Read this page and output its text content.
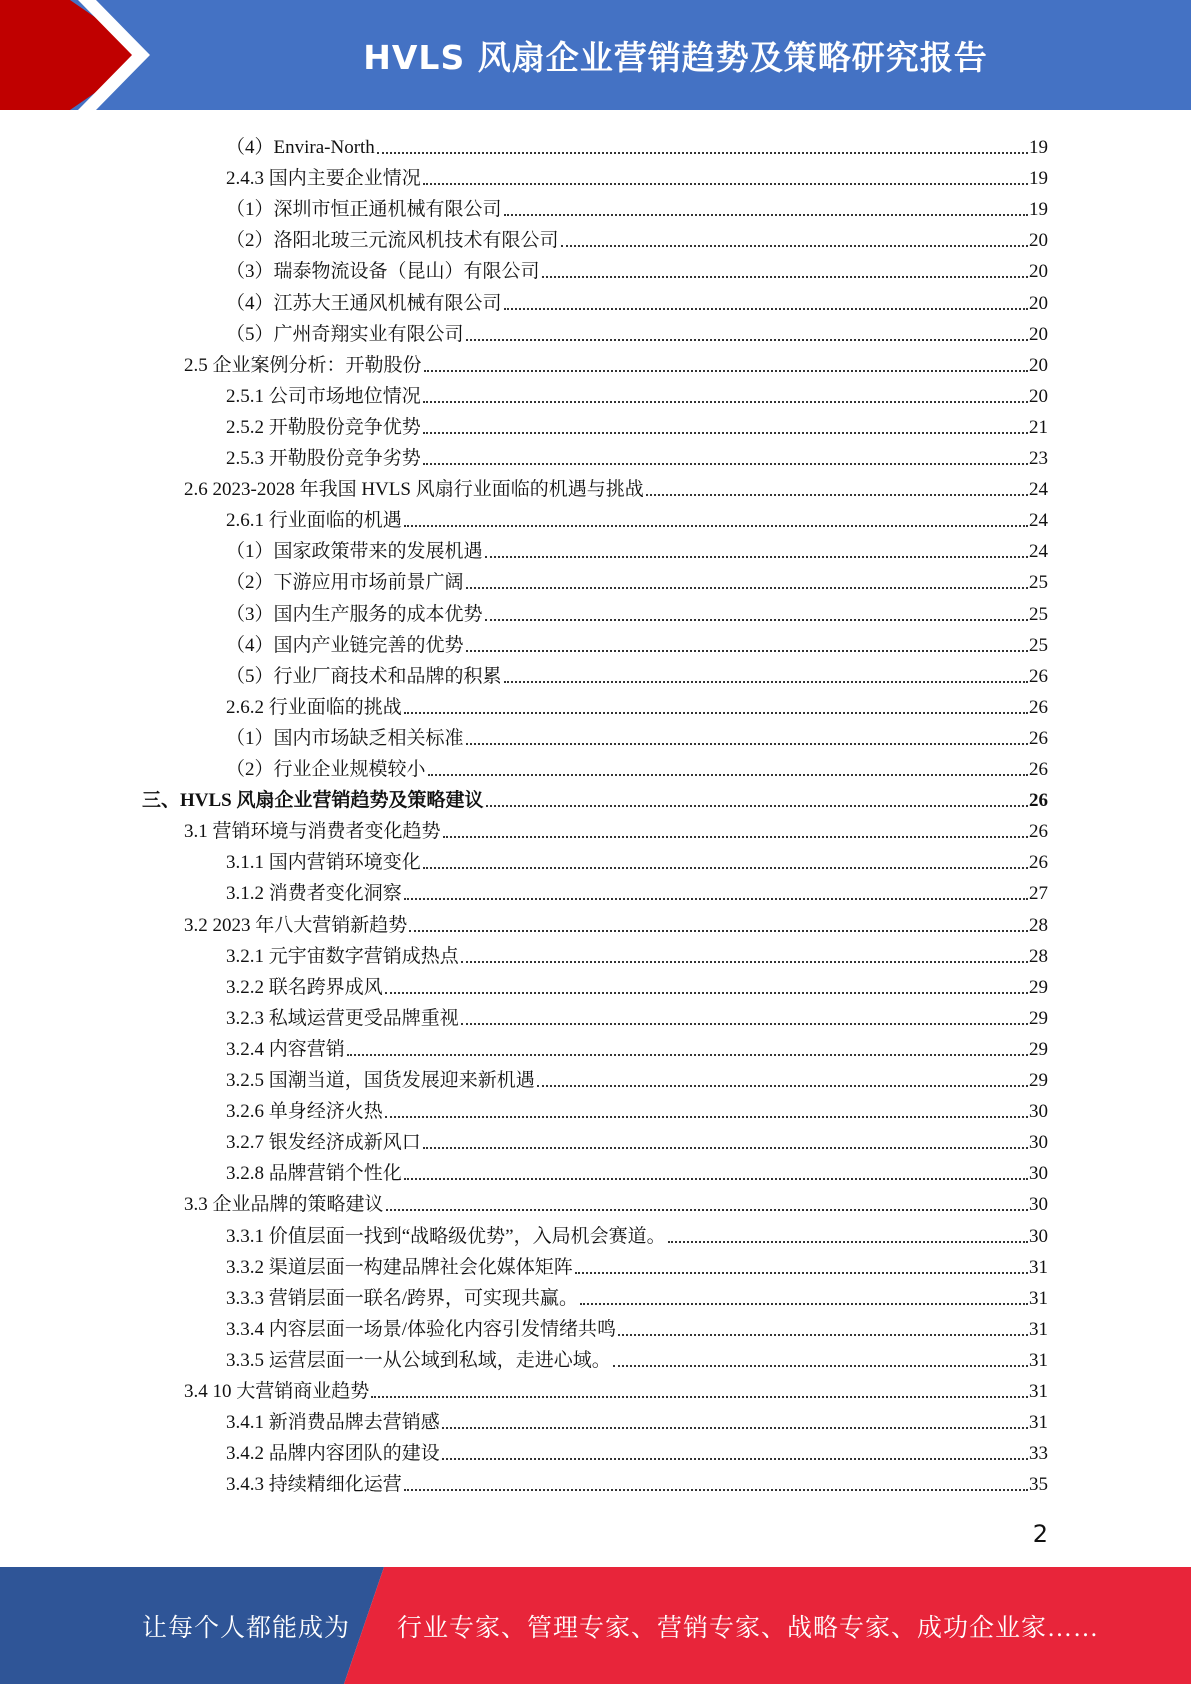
HVLS 风扇企业营销趋势及策略研究报告
（4）Envira-North	19
2.4.3 国内主要企业情况	19
（1）深圳市恒正通机械有限公司	19
（2）洛阳北玻三元流风机技术有限公司	20
（3）瑞泰物流设备（昆山）有限公司	20
（4）江苏大王通风机械有限公司	20
（5）广州奇翔实业有限公司	20
2.5 企业案例分析：开勒股份	20
2.5.1 公司市场地位情况	20
2.5.2 开勒股份竞争优势	21
2.5.3 开勒股份竞争劣势	23
2.6 2023-2028 年我国 HVLS 风扇行业面临的机遇与挑战	24
2.6.1 行业面临的机遇	24
（1）国家政策带来的发展机遇	24
（2）下游应用市场前景广阔	25
（3）国内生产服务的成本优势	25
（4）国内产业链完善的优势	25
（5）行业厂商技术和品牌的积累	26
2.6.2 行业面临的挑战	26
（1）国内市场缺乏相关标准	26
（2）行业企业规模较小	26
三、HVLS 风扇企业营销趋势及策略建议	26
3.1 营销环境与消费者变化趋势	26
3.1.1 国内营销环境变化	26
3.1.2 消费者变化洞察	27
3.2 2023 年八大营销新趋势	28
3.2.1 元宇宙数字营销成热点	28
3.2.2 联名跨界成风	29
3.2.3 私域运营更受品牌重视	29
3.2.4 内容营销	29
3.2.5 国潮当道，国货发展迎来新机遇	29
3.2.6 单身经济火热	30
3.2.7 银发经济成新风口	30
3.2.8 品牌营销个性化	30
3.3 企业品牌的策略建议	30
3.3.1 价值层面一找到“战略级优势”，入局机会赛道。	30
3.3.2 渠道层面一构建品牌社会化媒体矩阵	31
3.3.3 营销层面一联名/跨界，可实现共赢。	31
3.3.4 内容层面一场景/体验化内容引发情绪共鸣	31
3.3.5 运营层面一一从公域到私域，走进心域。	31
3.4 10 大营销商业趋势	31
3.4.1 新消费品牌去营销感	31
3.4.2 品牌内容团队的建设	33
3.4.3 持续精细化运营	35
2
让每个人都能成为 行业专家、管理专家、营销专家、战略专家、成功企业家……
